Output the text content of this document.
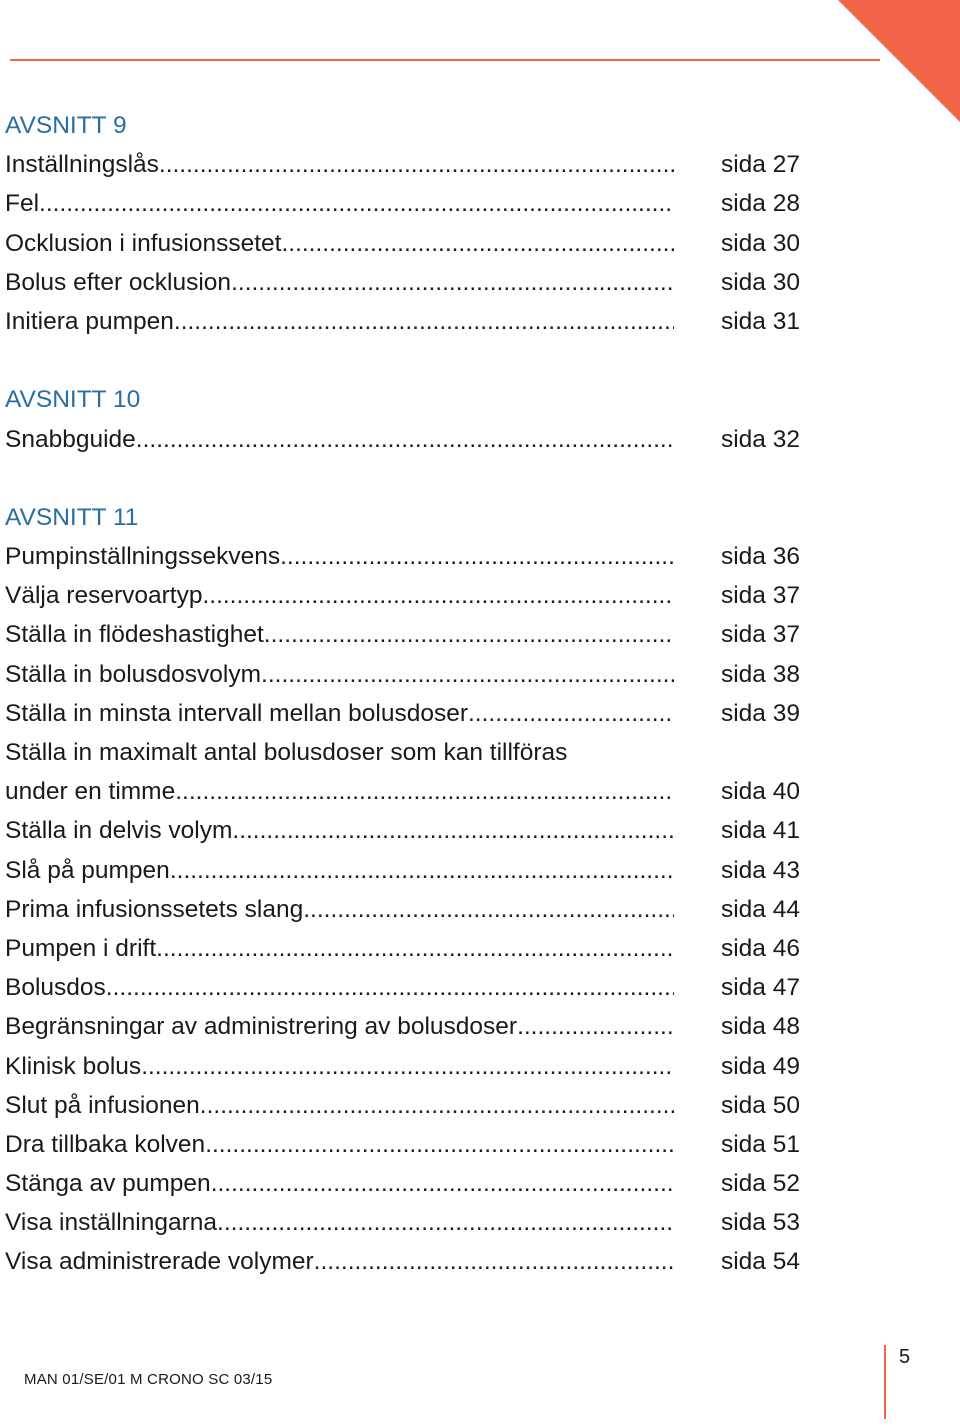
AVSNITT 9
Inställningslås .....	sida 27
Fel .....	sida 28
Ocklusion i infusionssetet .....	sida 30
Bolus efter ocklusion .....	sida 30
Initiera pumpen .....	sida 31
AVSNITT 10
Snabbguide .....	sida 32
AVSNITT 11
Pumpinställningssekvens .....	sida 36
Välja reservoartyp .....	sida 37
Ställa in flödeshastighet .....	sida 37
Ställa in bolusdosvolym .....	sida 38
Ställa in minsta intervall mellan bolusdoser .....	sida 39
Ställa in maximalt antal bolusdoser som kan tillföras
under en timme .....	sida 40
Ställa in delvis volym .....	sida 41
Slå på pumpen .....	sida 43
Prima infusionssetets slang .....	sida 44
Pumpen i drift .....	sida 46
Bolusdos .....	sida 47
Begränsningar av administrering av bolusdoser .....	sida 48
Klinisk bolus .....	sida 49
Slut på infusionen .....	sida 50
Dra tillbaka kolven .....	sida 51
Stänga av pumpen .....	sida 52
Visa inställningarna .....	sida 53
Visa administrerade volymer .....	sida 54
MAN 01/SE/01 M CRONO SC 03/15
5
